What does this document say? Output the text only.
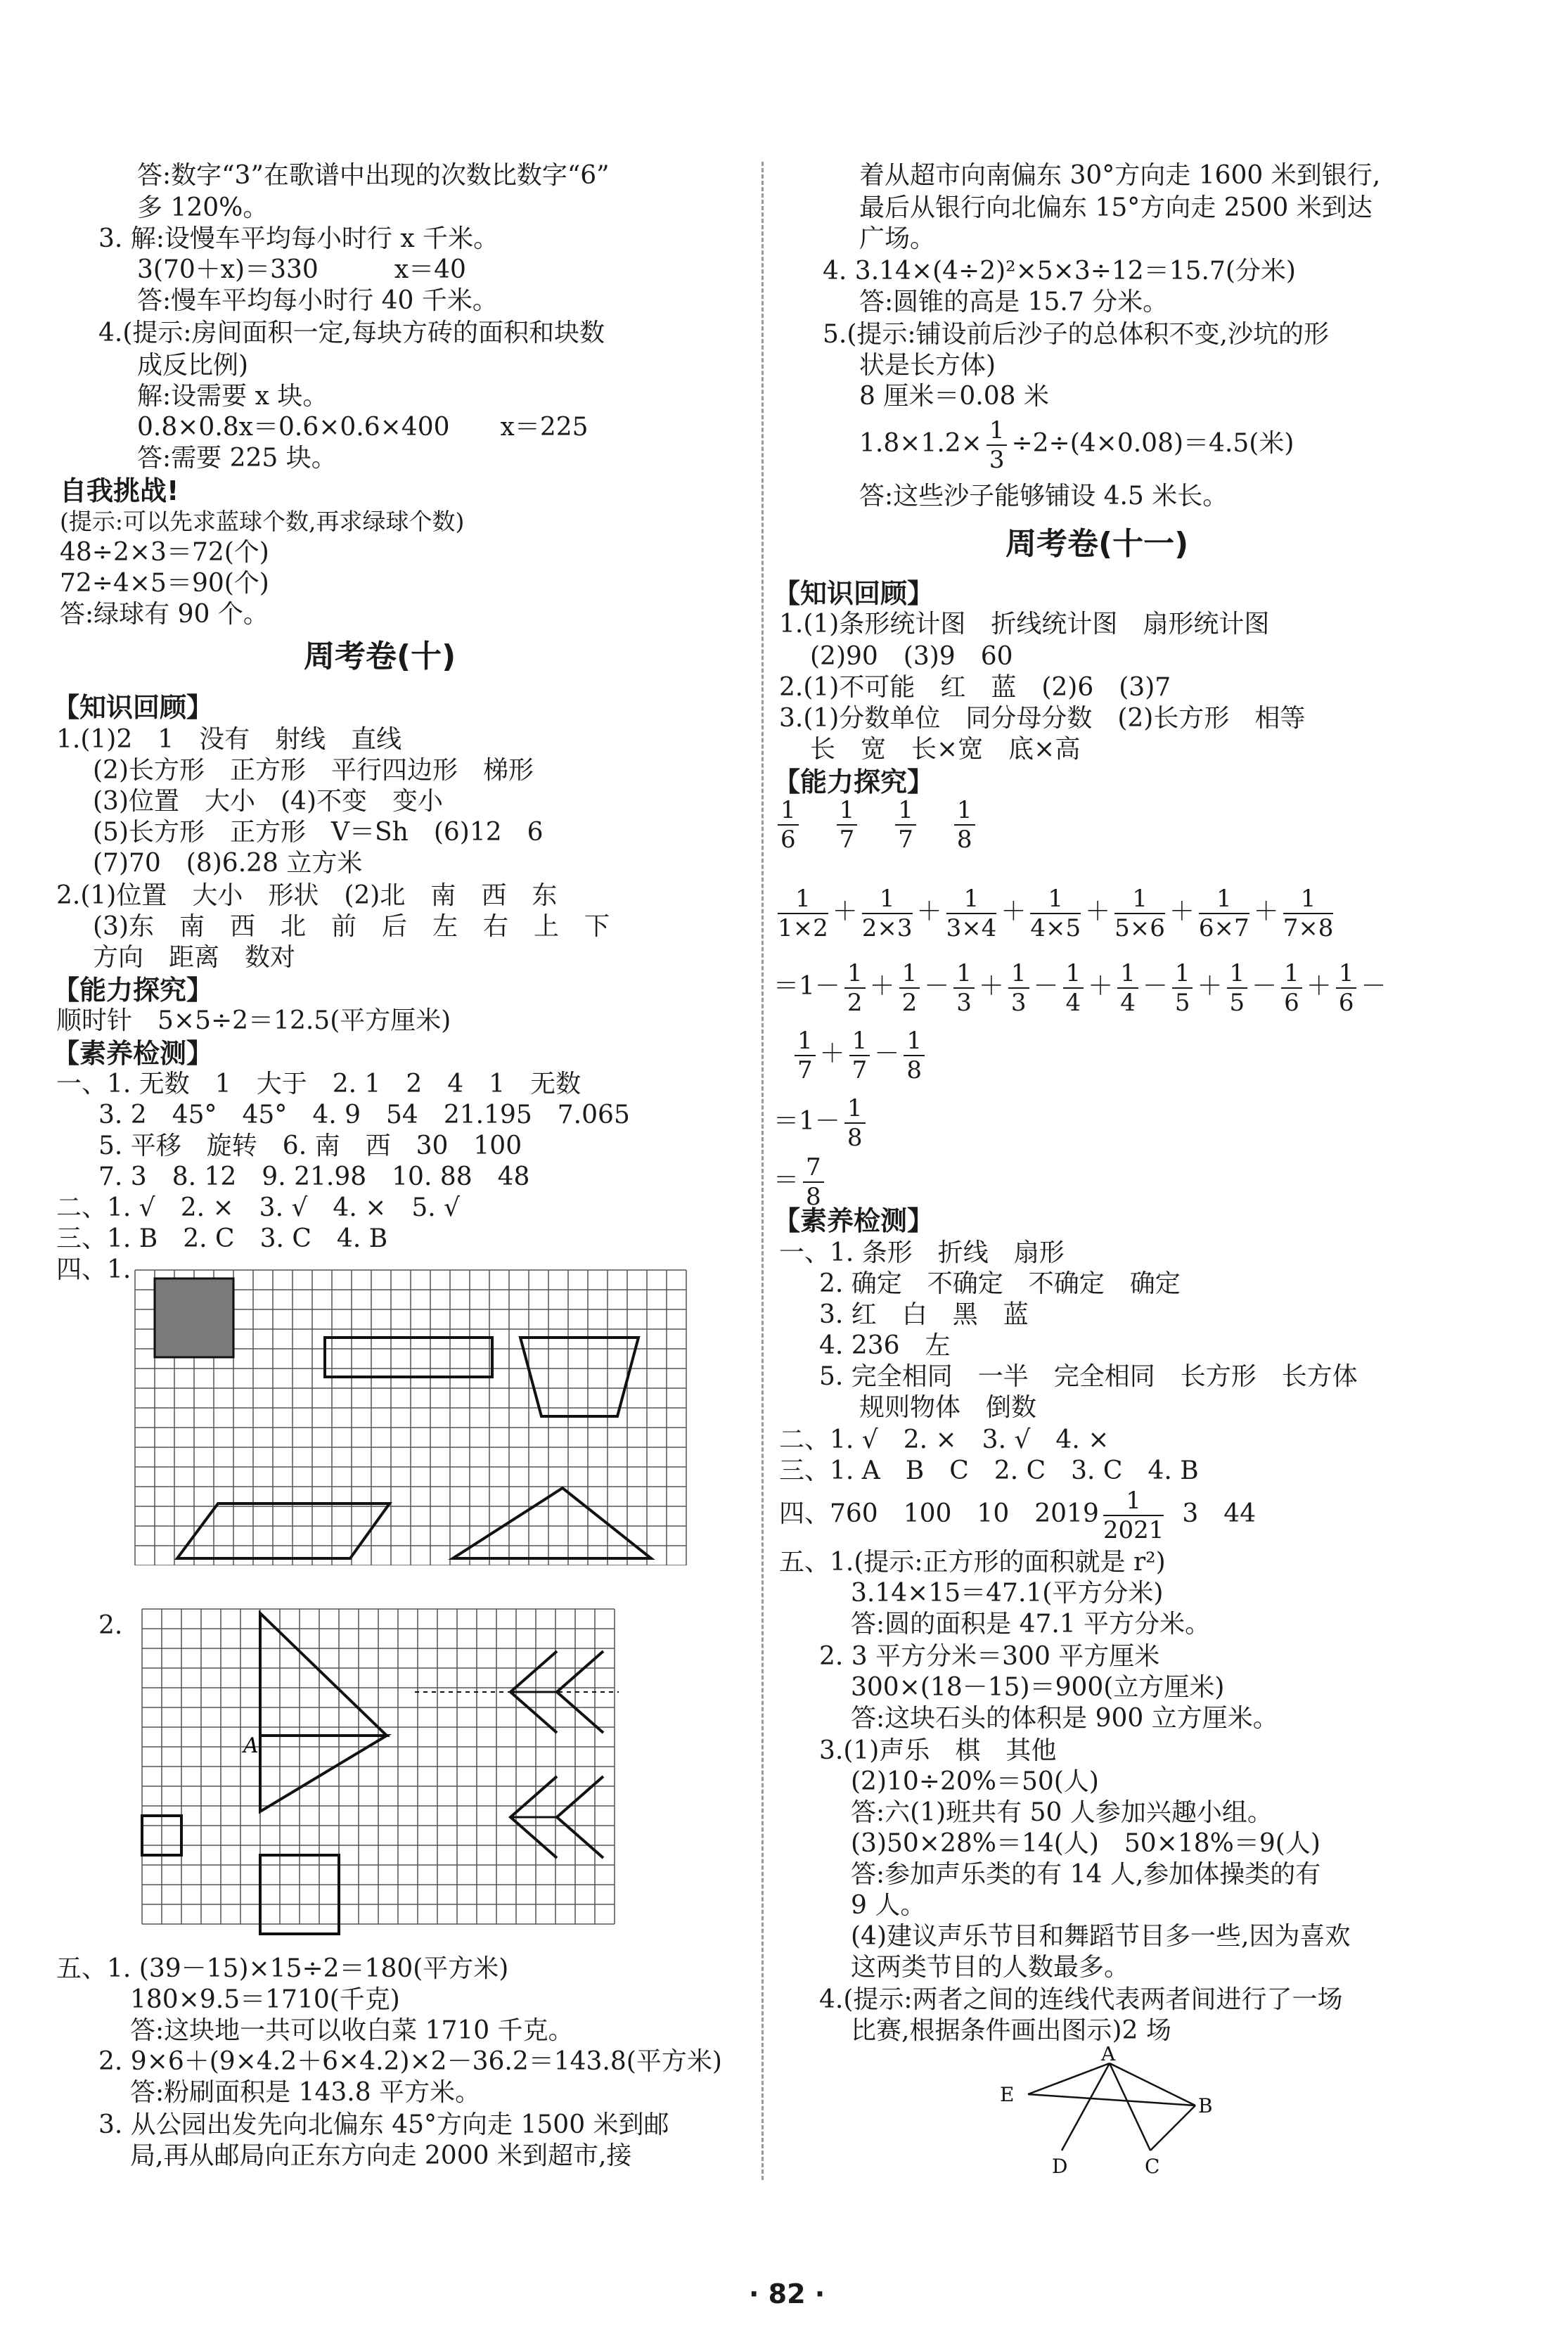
答:数字“3”在歌谱中出现的次数比数字“6”
多 120%。
3. 解:设慢车平均每小时行 x 千米。
3(70＋x)＝330　　　x＝40
答:慢车平均每小时行 40 千米。
4.(提示:房间面积一定,每块方砖的面积和块数
成反比例)
解:设需要 x 块。
0.8×0.8x＝0.6×0.6×400　　x＝225
答:需要 225 块。
自我挑战!
(提示:可以先求蓝球个数,再求绿球个数)
48÷2×3＝72(个)
72÷4×5＝90(个)
答:绿球有 90 个。
周考卷(十)
【知识回顾】
1.(1)2　1　没有　射线　直线
(2)长方形　正方形　平行四边形　梯形
(3)位置　大小　(4)不变　变小
(5)长方形　正方形　V＝Sh　(6)12　6
(7)70　(8)6.28 立方米
2.(1)位置　大小　形状　(2)北　南　西　东
(3)东　南　西　北　前　后　左　右　上　下
方向　距离　数对
【能力探究】
顺时针　5×5÷2＝12.5(平方厘米)
【素养检测】
一、1. 无数　1　大于　2. 1　2　4　1　无数
3. 2　45°　45°　4. 9　54　21.195　7.065
5. 平移　旋转　6. 南　西　30　100
7. 3　8. 12　9. 21.98　10. 88　48
二、1. √　2. ×　3. √　4. ×　5. √
三、1. B　2. C　3. C　4. B
四、1.
2.
A
五、1. (39－15)×15÷2＝180(平方米)
180×9.5＝1710(千克)
答:这块地一共可以收白菜 1710 千克。
2. 9×6＋(9×4.2＋6×4.2)×2－36.2＝143.8(平方米)
答:粉刷面积是 143.8 平方米。
3. 从公园出发先向北偏东 45°方向走 1500 米到邮
局,再从邮局向正东方向走 2000 米到超市,接
着从超市向南偏东 30°方向走 1600 米到银行,
最后从银行向北偏东 15°方向走 2500 米到达
广场。
4. 3.14×(4÷2)²×5×3÷12＝15.7(分米)
答:圆锥的高是 15.7 分米。
5.(提示:铺设前后沙子的总体积不变,沙坑的形
状是长方体)
8 厘米＝0.08 米
$1.8\times 1.2\times \frac{1}{3} \div 2\div(4\times 0.08)=4.5$(米)
答:这些沙子能够铺设 4.5 米长。
周考卷(十一)
【知识回顾】
1.(1)条形统计图　折线统计图　扇形统计图
(2)90　(3)9　60
2.(1)不可能　红　蓝　(2)6　(3)7
3.(1)分数单位　同分母分数　(2)长方形　相等
长　宽　长×宽　底×高
【能力探究】
$\frac{1}{6} \frac{1}{7} \frac{1}{7} \frac{1}{8}$
$\frac{1}{1\times 2} + \frac{1}{2\times 3} + \frac{1}{3\times 4} + \frac{1}{4\times 5} + \frac{1}{5\times 6} + \frac{1}{6\times 7} + \frac{1}{7\times 8}$
$=1- \frac{1}{2} + \frac{1}{2} - \frac{1}{3} + \frac{1}{3} - \frac{1}{4} + \frac{1}{4} - \frac{1}{5} + \frac{1}{5} - \frac{1}{6} + \frac{1}{6}$ －
$\frac{1}{7} + \frac{1}{7} - \frac{1}{8}$
$=1- \frac{1}{8}$
＝ $\frac{7}{8}$
【素养检测】
一、1. 条形　折线　扇形
2. 确定　不确定　不确定　确定
3. 红　白　黑　蓝
4. 236　左
5. 完全相同　一半　完全相同　长方形　长方体
规则物体　倒数
二、1. √　2. ×　3. √　4. ×
三、1. A　B　C　2. C　3. C　4. B
四、760　100　10　$2019 \frac{1}{2021} 3$　44
五、1.(提示:正方形的面积就是 r²)
3.14×15＝47.1(平方分米)
答:圆的面积是 47.1 平方分米。
2. 3 平方分米＝300 平方厘米
300×(18－15)＝900(立方厘米)
答:这块石头的体积是 900 立方厘米。
3.(1)声乐　棋　其他
(2)10÷20%＝50(人)
答:六(1)班共有 50 人参加兴趣小组。
(3)50×28%＝14(人)　50×18%＝9(人)
答:参加声乐类的有 14 人,参加体操类的有
9 人。
(4)建议声乐节目和舞蹈节目多一些,因为喜欢
这两类节目的人数最多。
4.(提示:两者之间的连线代表两者间进行了一场
比赛,根据条件画出图示)2 场
A
B
C
D
E
· 82 ·
